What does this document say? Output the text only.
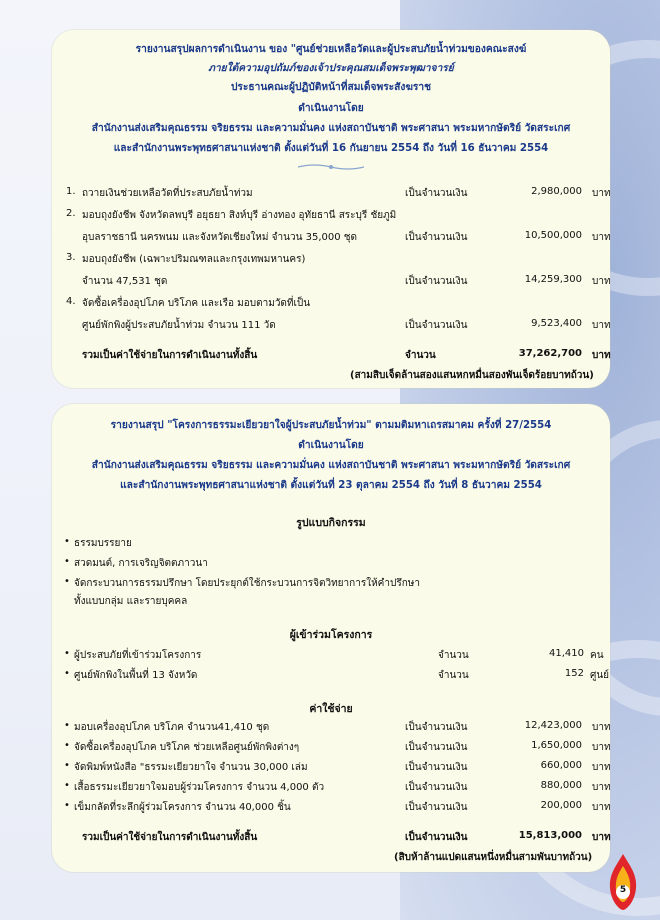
รายงานสรุปผลการดำเนินงาน ของ "ศูนย์ช่วยเหลือวัดและผู้ประสบภัยน้ำท่วมของคณะสงฆ์
ภายใต้ความอุปถัมภ์ของเจ้าประคุณสมเด็จพระพุฒาจารย์
ประธานคณะผู้ปฏิบัติหน้าที่สมเด็จพระสังฆราช
ดำเนินงานโดย
สำนักงานส่งเสริมคุณธรรม จริยธรรม และความมั่นคง แห่งสถาบันชาติ พระศาสนา พระมหากษัตริย์ วัดสระเกศ
และสำนักงานพระพุทธศาสนาแห่งชาติ ตั้งแต่วันที่ 16 กันยายน 2554 ถึง วันที่ 16 ธันวาคม 2554
1. ถวายเงินช่วยเหลือวัดที่ประสบภัยน้ำท่วม	เป็นจำนวนเงิน	2,980,000 บาท
2. มอบถุงยังชีพ จังหวัดลพบุรี อยุธยา สิงห์บุรี อ่างทอง อุทัยธานี สระบุรี ชัยภูมิ
อุบลราชธานี นครพนม และจังหวัดเชียงใหม่ จำนวน 35,000 ชุด	เป็นจำนวนเงิน	10,500,000 บาท
3. มอบถุงยังชีพ (เฉพาะปริมณฑลและกรุงเทพมหานคร)
จำนวน 47,531 ชุด	เป็นจำนวนเงิน	14,259,300 บาท
4. จัดซื้อเครื่องอุปโภค บริโภค และเรือ มอบตามวัดที่เป็น
ศูนย์พักพิงผู้ประสบภัยน้ำท่วม จำนวน 111 วัด	เป็นจำนวนเงิน	9,523,400 บาท
รวมเป็นค่าใช้จ่ายในการดำเนินงานทั้งสิ้น	จำนวน	37,262,700 บาท
(สามสิบเจ็ดล้านสองแสนหกหมื่นสองพันเจ็ดร้อยบาทถ้วน)
รายงานสรุป "โครงการธรรมะเยียวยาใจผู้ประสบภัยน้ำท่วม" ตามมติมหาเถรสมาคม ครั้งที่ 27/2554
ดำเนินงานโดย
สำนักงานส่งเสริมคุณธรรม จริยธรรม และความมั่นคง แห่งสถาบันชาติ พระศาสนา พระมหากษัตริย์ วัดสระเกศ
และสำนักงานพระพุทธศาสนาแห่งชาติ ตั้งแต่วันที่ 23 ตุลาคม 2554 ถึง วันที่ 8 ธันวาคม 2554
รูปแบบกิจกรรม
• ธรรมบรรยาย
• สวดมนต์, การเจริญจิตตภาวนา
• จัดกระบวนการธรรมปรึกษา โดยประยุกต์ใช้กระบวนการจิตวิทยาการให้คำปรึกษา
ทั้งแบบกลุ่ม และรายบุคคล
ผู้เข้าร่วมโครงการ
• ผู้ประสบภัยที่เข้าร่วมโครงการ	จำนวน	41,410 คน
• ศูนย์พักพิงในพื้นที่ 13 จังหวัด	จำนวน	152 ศูนย์
ค่าใช้จ่าย
• มอบเครื่องอุปโภค บริโภค จำนวน41,410 ชุด	เป็นจำนวนเงิน	12,423,000 บาท
• จัดซื้อเครื่องอุปโภค บริโภค ช่วยเหลือศูนย์พักพิงต่างๆ	เป็นจำนวนเงิน	1,650,000 บาท
• จัดพิมพ์หนังสือ "ธรรมะเยียวยาใจ จำนวน 30,000 เล่ม	เป็นจำนวนเงิน	660,000 บาท
• เสื้อธรรมะเยียวยาใจมอบผู้ร่วมโครงการ จำนวน 4,000 ตัว	เป็นจำนวนเงิน	880,000 บาท
• เข็มกลัดที่ระลึกผู้ร่วมโครงการ จำนวน 40,000 ชิ้น	เป็นจำนวนเงิน	200,000 บาท
รวมเป็นค่าใช้จ่ายในการดำเนินงานทั้งสิ้น	เป็นจำนวนเงิน	15,813,000 บาท
(สิบห้าล้านแปดแสนหนึ่งหมื่นสามพันบาทถ้วน)
5
